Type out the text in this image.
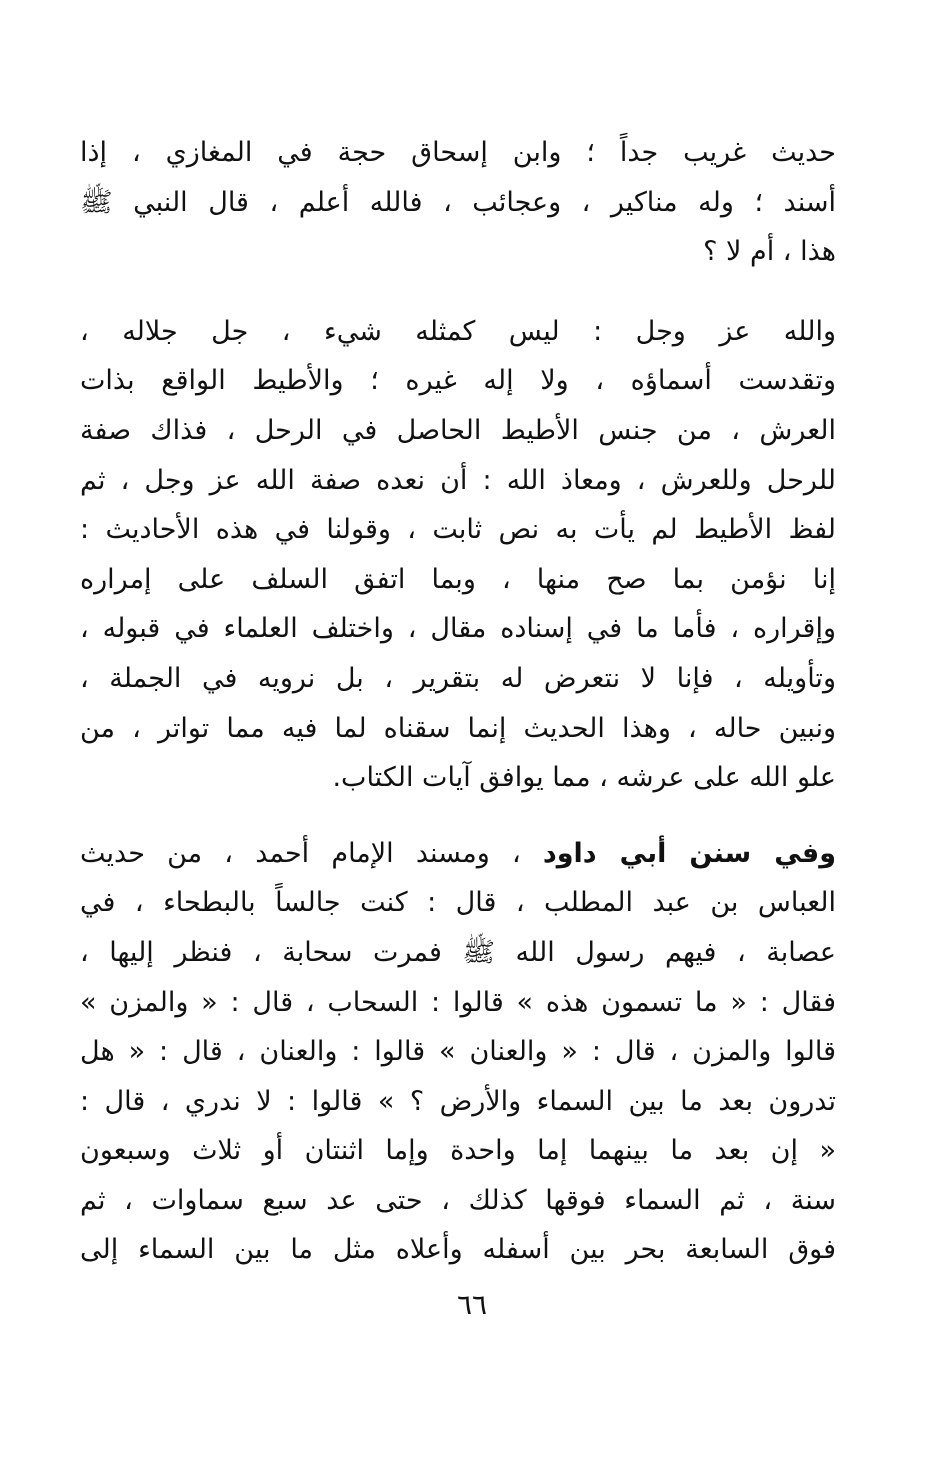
حديث غريب جداً ؛ وابن إسحاق حجة في المغازي ، إذا
أسند ؛ وله مناكير ، وعجائب ، فالله أعلم ، قال النبي ﷺ
هذا ، أم لا ؟
والله عز وجل : ليس كمثله شيء ، جل جلاله ،
وتقدست أسماؤه ، ولا إله غيره ؛ والأطيط الواقع بذات
العرش ، من جنس الأطيط الحاصل في الرحل ، فذاك صفة
للرحل وللعرش ، ومعاذ الله : أن نعده صفة الله عز وجل ، ثم
لفظ الأطيط لم يأت به نص ثابت ، وقولنا في هذه الأحاديث :
إنا نؤمن بما صح منها ، وبما اتفق السلف على إمراره
وإقراره ، فأما ما في إسناده مقال ، واختلف العلماء في قبوله ،
وتأويله ، فإنا لا نتعرض له بتقرير ، بل نرويه في الجملة ،
ونبين حاله ، وهذا الحديث إنما سقناه لما فيه مما تواتر ، من
علو الله على عرشه ، مما يوافق آيات الكتاب.
وفي سنن أبي داود ، ومسند الإمام أحمد ، من حديث
العباس بن عبد المطلب ، قال : كنت جالساً بالبطحاء ، في
عصابة ، فيهم رسول الله ﷺ فمرت سحابة ، فنظر إليها ،
فقال : « ما تسمون هذه » قالوا : السحاب ، قال : « والمزن »
قالوا والمزن ، قال : « والعنان » قالوا : والعنان ، قال : « هل
تدرون بعد ما بين السماء والأرض ؟ » قالوا : لا ندري ، قال :
« إن بعد ما بينهما إما واحدة وإما اثنتان أو ثلاث وسبعون
سنة ، ثم السماء فوقها كذلك ، حتى عد سبع سماوات ، ثم
فوق السابعة بحر بين أسفله وأعلاه مثل ما بين السماء إلى
٦٦
